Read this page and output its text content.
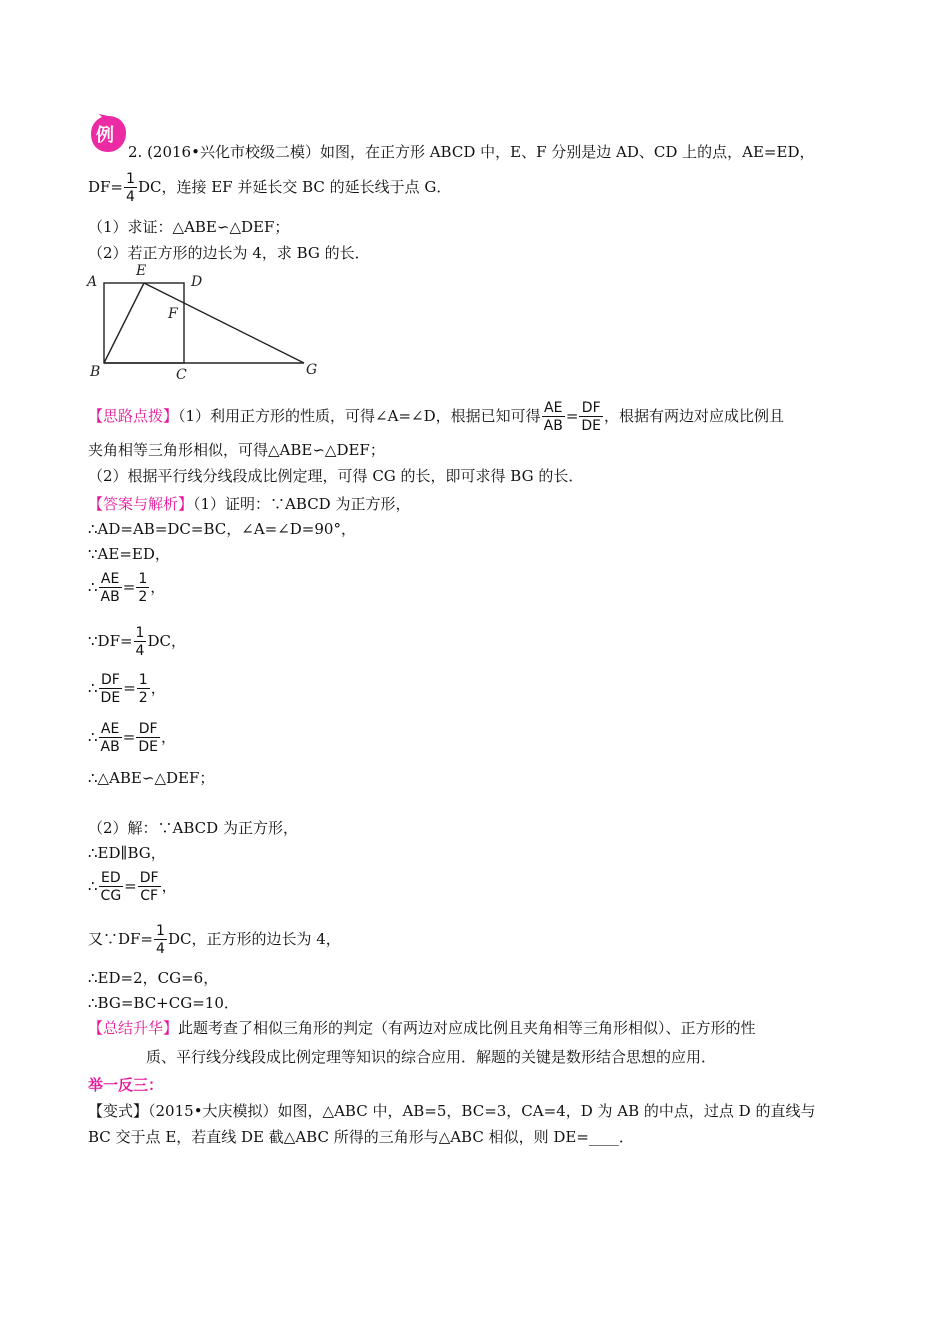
例
2. (2016•兴化市校级二模）如图，在正方形 ABCD 中，E、F 分别是边 AD、CD 上的点，AE=ED，
$DF= \frac{1}{4}$ DC，连接 EF 并延长交 BC 的延长线于点 G．
（1）求证：△ABE∽△DEF；
（2）若正方形的边长为 4，求 BG 的长．
A
E
D
F
B	C	G
【思路点拨】（1）利用正方形的性质，可得∠A=∠D，根据已知可得 $\frac{AE}{AB} = \frac{DF}{DE}$ ，根据有两边对应成比例且
夹角相等三角形相似，可得△ABE∽△DEF；
（2）根据平行线分线段成比例定理，可得 CG 的长，即可求得 BG 的长．
【答案与解析】（1）证明：∵ABCD 为正方形，
∴AD=AB=DC=BC，∠A=∠D=90°，
∵AE=ED，
∴ $\frac{AE}{AB} = \frac{1}{2}$ ，
∵DF= $\frac{1}{4}$ DC，
∴ $\frac{DF}{DE} = \frac{1}{2}$ ，
∴ $\frac{AE}{AB} = \frac{DF}{DE}$ ，
∴△ABE∽△DEF；
（2）解：∵ABCD 为正方形，
∴ED∥BG，
∴ $\frac{ED}{CG} = \frac{DF}{CF}$ ，
又∵DF= $\frac{1}{4}$ DC，正方形的边长为 4，
∴ED=2，CG=6，
∴BG=BC+CG=10．
【总结升华】此题考查了相似三角形的判定（有两边对应成比例且夹角相等三角形相似）、正方形的性
质、平行线分线段成比例定理等知识的综合应用．解题的关键是数形结合思想的应用．
举一反三：
【变式】（2015•大庆模拟）如图，△ABC 中，AB=5，BC=3，CA=4，D 为 AB 的中点，过点 D 的直线与
BC 交于点 E，若直线 DE 截△ABC 所得的三角形与△ABC 相似，则 DE=____．
